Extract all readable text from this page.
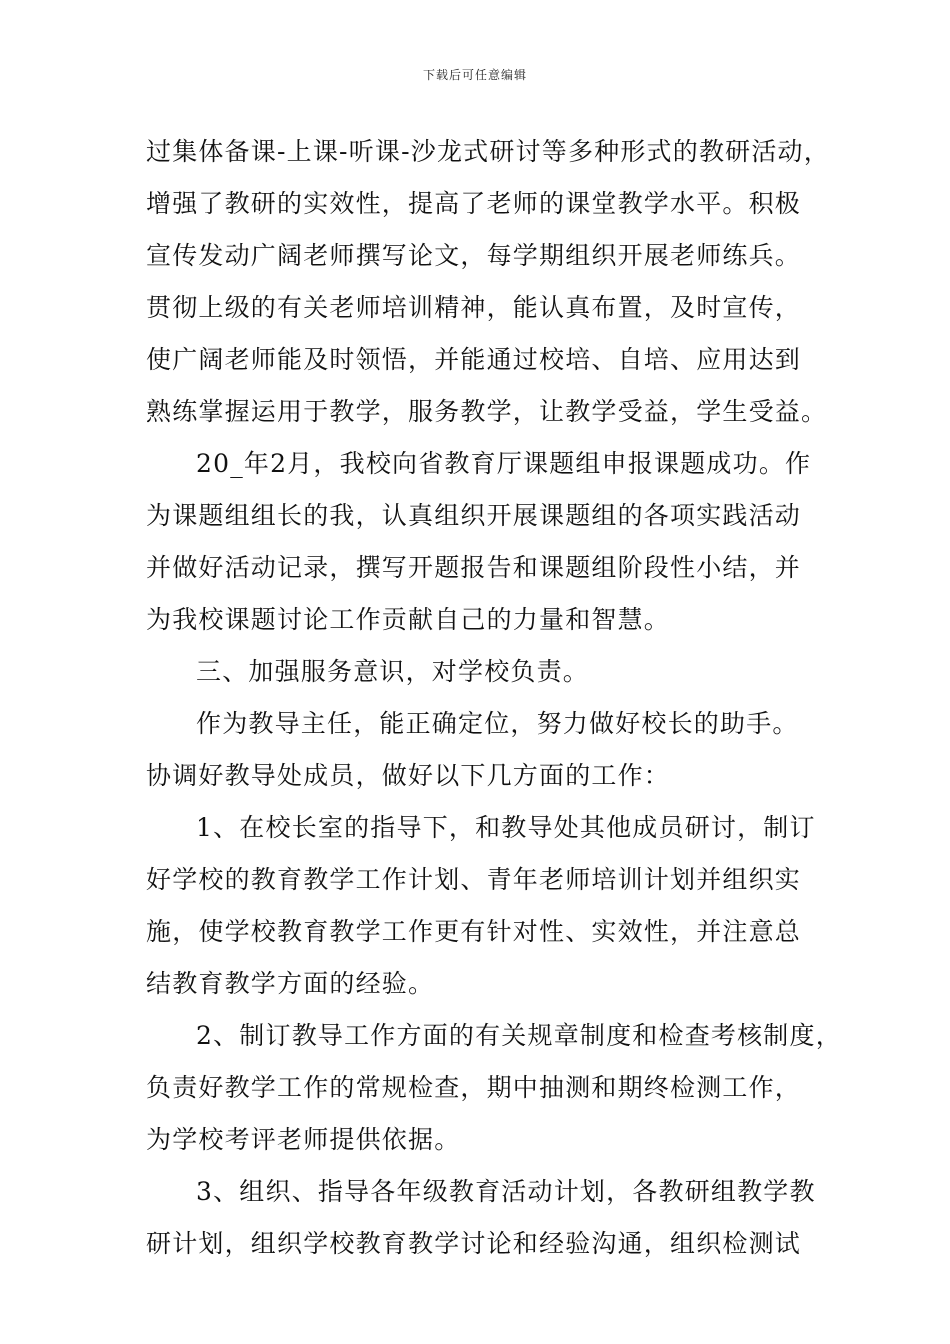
下载后可任意编辑
过集体备课-上课-听课-沙龙式研讨等多种形式的教研活动，
增强了教研的实效性，提高了老师的课堂教学水平。积极
宣传发动广阔老师撰写论文，每学期组织开展老师练兵。
贯彻上级的有关老师培训精神，能认真布置，及时宣传，
使广阔老师能及时领悟，并能通过校培、自培、应用达到
熟练掌握运用于教学，服务教学，让教学受益，学生受益。
20_年2月，我校向省教育厅课题组申报课题成功。作
为课题组组长的我，认真组织开展课题组的各项实践活动
并做好活动记录，撰写开题报告和课题组阶段性小结，并
为我校课题讨论工作贡献自己的力量和智慧。
三、加强服务意识，对学校负责。
作为教导主任，能正确定位，努力做好校长的助手。
协调好教导处成员，做好以下几方面的工作：
1、在校长室的指导下，和教导处其他成员研讨，制订
好学校的教育教学工作计划、青年老师培训计划并组织实
施，使学校教育教学工作更有针对性、实效性，并注意总
结教育教学方面的经验。
2、制订教导工作方面的有关规章制度和检查考核制度，
负责好教学工作的常规检查，期中抽测和期终检测工作，
为学校考评老师提供依据。
3、组织、指导各年级教育活动计划，各教研组教学教
研计划，组织学校教育教学讨论和经验沟通，组织检测试
